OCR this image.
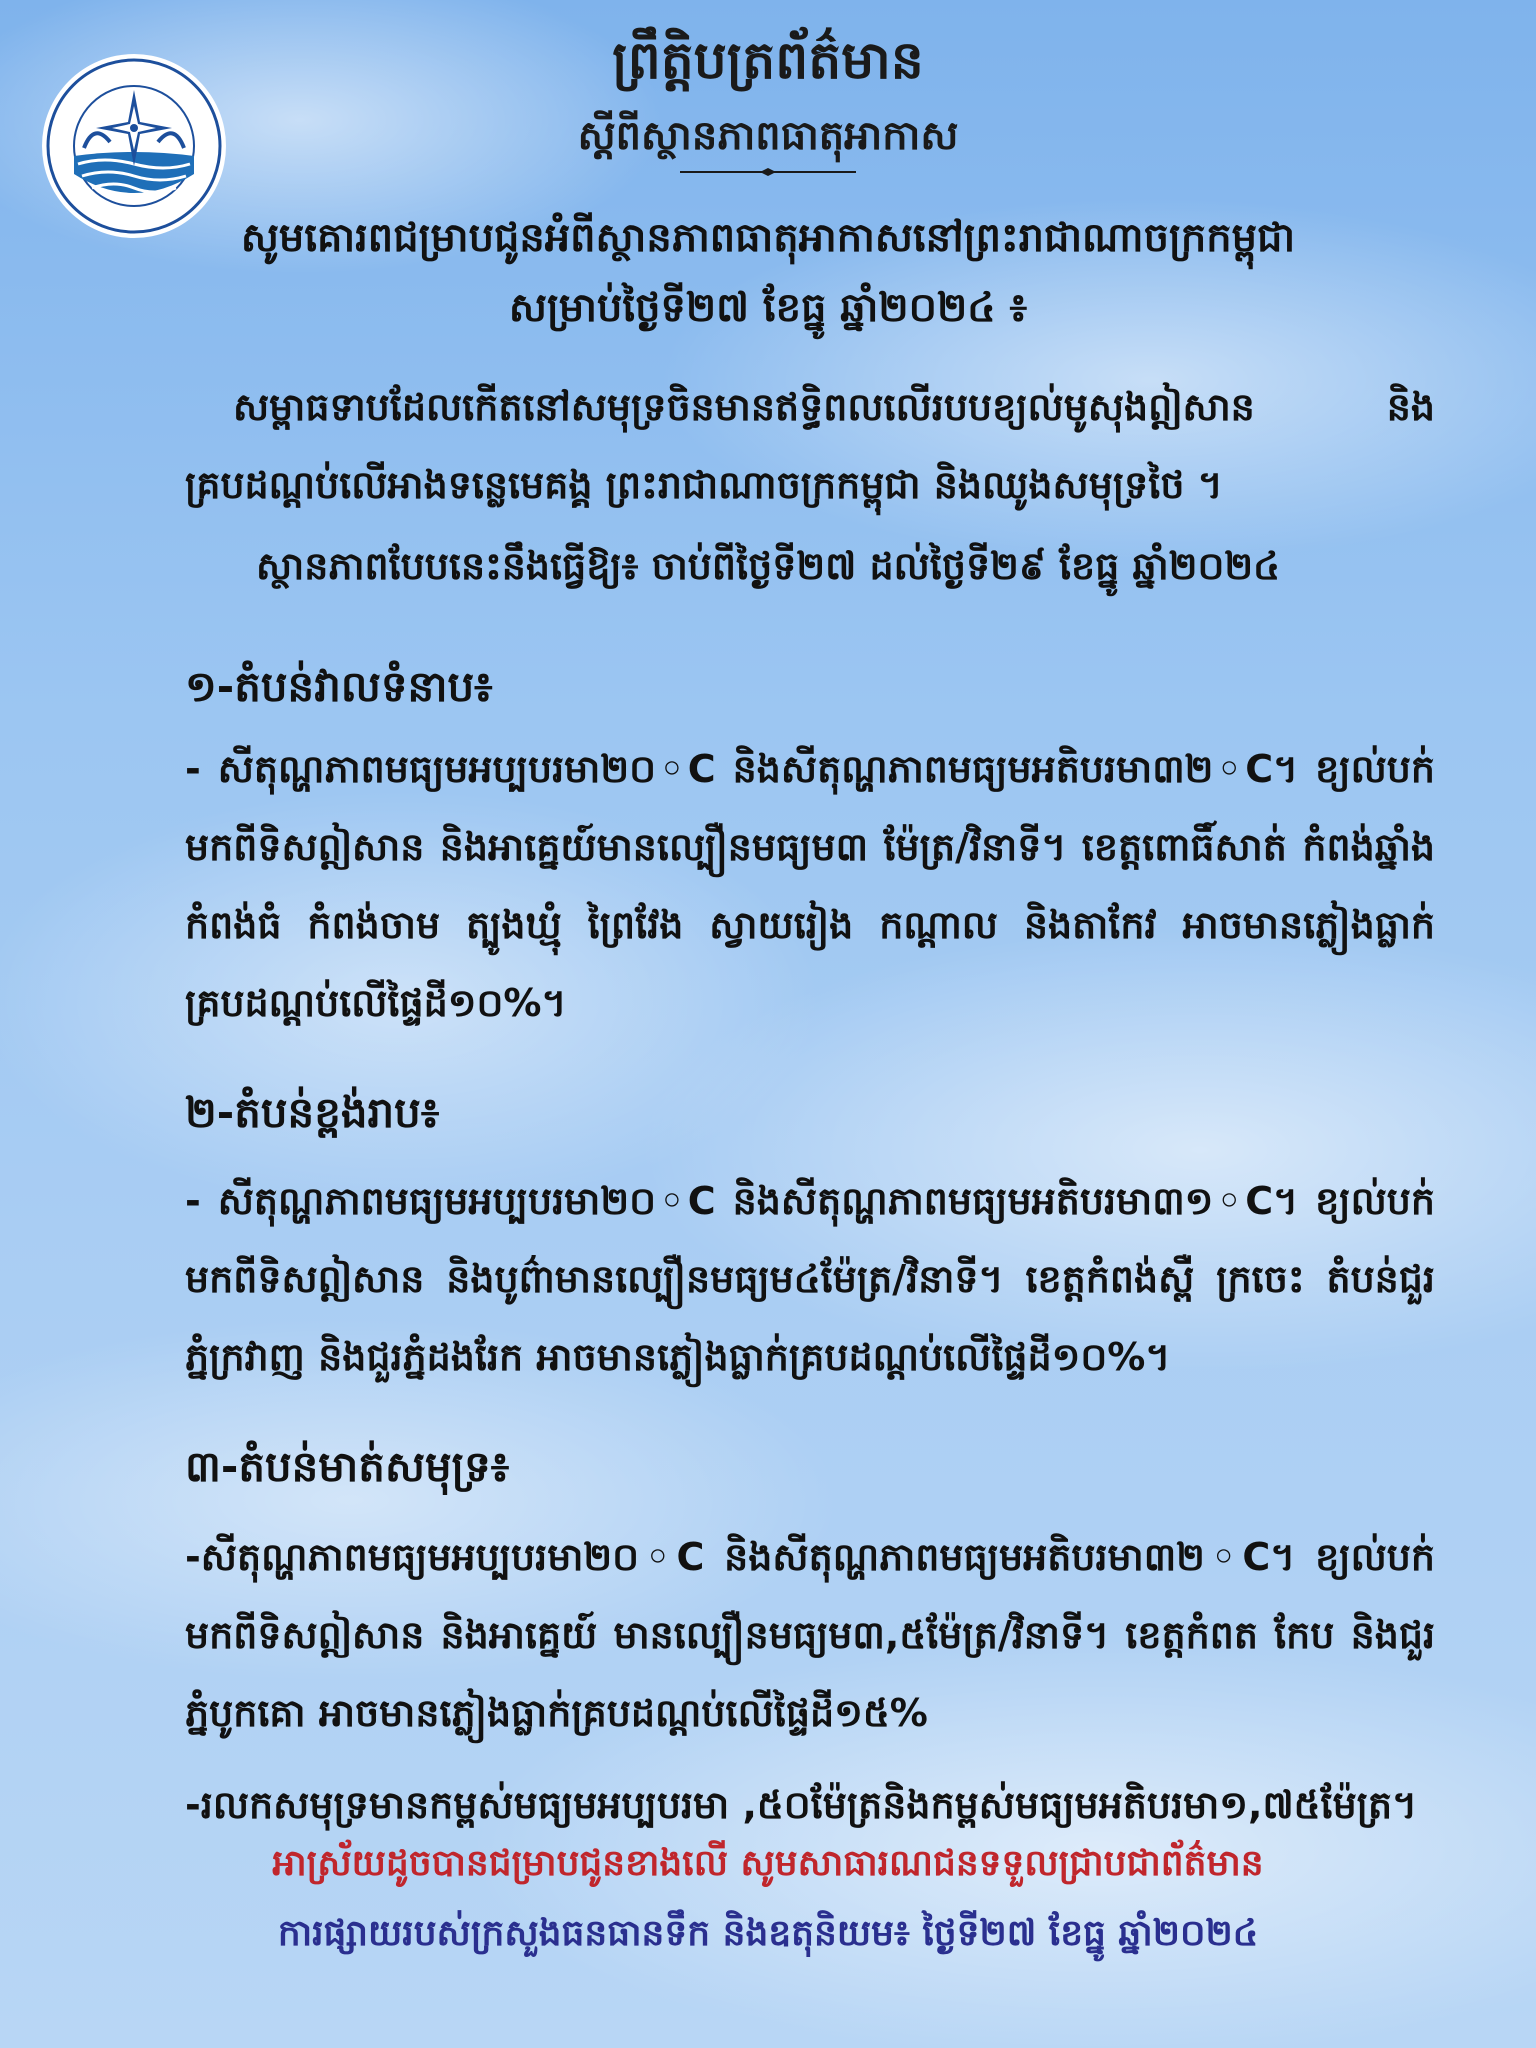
ព្រឹត្តិបត្រព័ត៌មាន
ស្ដីពីស្ថានភាពធាតុអាកាស
សូមគោរពជម្រាបជូនអំពីស្ថានភាពធាតុអាកាសនៅព្រះរាជាណាចក្រកម្ពុជា
សម្រាប់ថ្ងៃទី២៧ ខែធ្នូ ឆ្នាំ២០២៤ ៖
សម្ពាធទាបដែលកើតនៅសមុទ្រចិនមានឥទ្ធិពលលើរបបខ្យល់មូសុងឦសាន និងគ្របដណ្តប់លើអាងទន្លេមេគង្គ ព្រះរាជាណាចក្រកម្ពុជា និងឈូងសមុទ្រថៃ ។
ស្ថានភាពបែបនេះនឹងធ្វើឱ្យ៖ ចាប់ពីថ្ងៃទី២៧ ដល់ថ្ងៃទី២៩ ខែធ្នូ ឆ្នាំ២០២៤
១-តំបន់វាលទំនាប៖
- សីតុណ្ហភាពមធ្យមអប្បបរមា២០◦C និងសីតុណ្ហភាពមធ្យមអតិបរមា៣២◦C។ ខ្យល់បក់មកពីទិសឦសាន និងអាគ្នេយ៍មានល្បឿនមធ្យម៣ ម៉ែត្រ/វិនាទី។ ខេត្តពោធិ៍សាត់ កំពង់ឆ្នាំង កំពង់ធំ កំពង់ចាម ត្បូងឃ្មុំ ព្រៃវែង ស្វាយរៀង កណ្ដាល និងតាកែវ អាចមានភ្លៀងធ្លាក់ គ្របដណ្តប់លើផ្ទៃដី១០%។
២-តំបន់ខ្ពង់រាប៖
- សីតុណ្ហភាពមធ្យមអប្បបរមា២០◦C និងសីតុណ្ហភាពមធ្យមអតិបរមា៣១◦C។ ខ្យល់បក់មកពីទិសឦសាន និងបូព៌ាមានល្បឿនមធ្យម៤ម៉ែត្រ/វិនាទី។ ខេត្តកំពង់ស្ពឺ ក្រចេះ តំបន់ជួរភ្នំក្រវាញ និងជួរភ្នំដងរែក អាចមានភ្លៀងធ្លាក់គ្របដណ្តប់លើផ្ទៃដី១០%។
៣-តំបន់មាត់សមុទ្រ៖
-សីតុណ្ហភាពមធ្យមអប្បបរមា២០◦C និងសីតុណ្ហភាពមធ្យមអតិបរមា៣២◦C។ ខ្យល់បក់មកពីទិសឦសាន និងអាគ្នេយ៍ មានល្បឿនមធ្យម៣,៥ម៉ែត្រ/វិនាទី។ ខេត្តកំពត កែប និងជួរភ្នំបូកគោ អាចមានភ្លៀងធ្លាក់គ្របដណ្តប់លើផ្ទៃដី១៥%
-រលកសមុទ្រមានកម្ពស់មធ្យមអប្បបរមា ,៥០ម៉ែត្រនិងកម្ពស់មធ្យមអតិបរមា១,៧៥ម៉ែត្រ។
អាស្រ័យដូចបានជម្រាបជូនខាងលើ សូមសាធារណជនទទួលជ្រាបជាព័ត៌មាន
ការផ្សាយរបស់ក្រសួងធនធានទឹក និងឧតុនិយម៖ ថ្ងៃទី២៧ ខែធ្នូ ឆ្នាំ២០២៤
